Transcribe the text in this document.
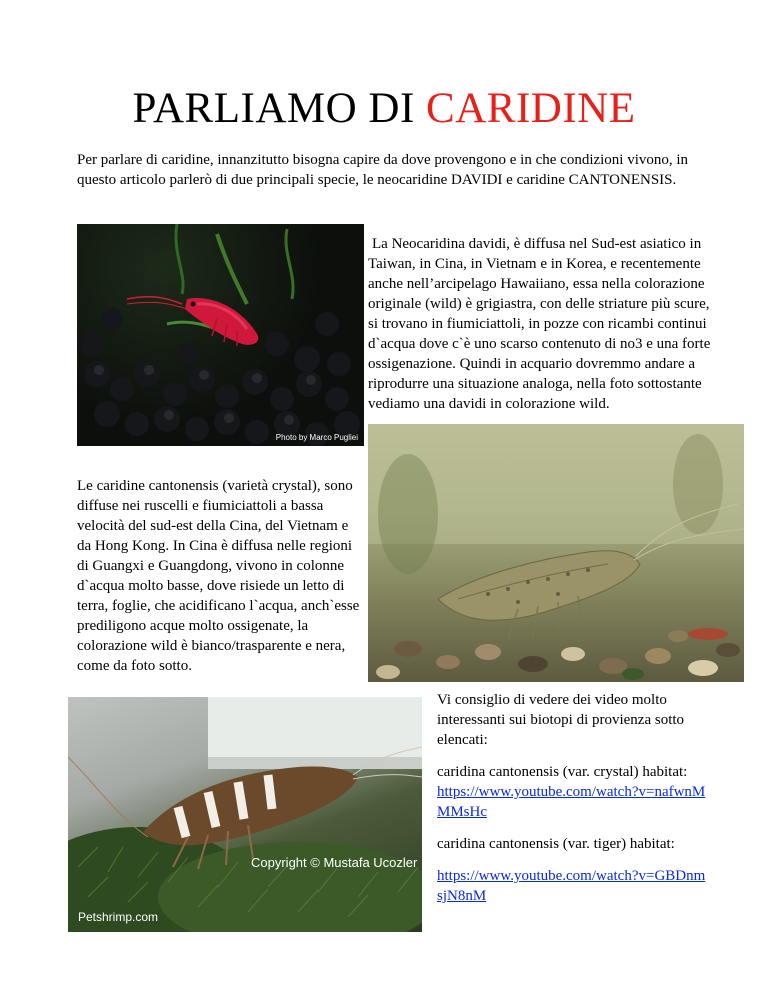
PARLIAMO DI CARIDINE

Per parlare di caridine, innanzitutto bisogna capire da dove provengono e in che condizioni vivono, in questo articolo parlerò di due principali specie, le neocaridine DAVIDI e caridine CANTONENSIS.

Photo by Marco Pugliei

La Neocaridina davidi, è diffusa nel Sud-est asiatico in Taiwan, in Cina, in Vietnam e in Korea, e recentemente anche nell’arcipelago Hawaiiano, essa nella colorazione originale (wild) è grigiastra, con delle striature più scure, si trovano in fiumiciattoli, in pozze con ricambi continui d`acqua dove c`è uno scarso contenuto di no3 e una forte ossigenazione. Quindi in acquario dovremmo andare a riprodurre una situazione analoga, nella foto sottostante vediamo una davidi in colorazione wild.

Le caridine cantonensis (varietà crystal), sono diffuse nei ruscelli e fiumiciattoli a bassa velocità del sud-est della Cina, del Vietnam e da Hong Kong. In Cina è diffusa nelle regioni di Guangxi e Guangdong, vivono in colonne d`acqua molto basse, dove risiede un letto di terra, foglie, che acidificano l`acqua, anch`esse prediligono acque molto ossigenate, la colorazione wild è bianco/trasparente e nera, come da foto sotto.

Copyright © Mustafa Ucozler
Petshrimp.com

Vi consiglio di vedere dei video molto interessanti sui biotopi di provienza sotto elencati:

caridina cantonensis (var. crystal) habitat:

https://www.youtube.com/watch?v=nafwnMMMsHc

caridina cantonensis (var. tiger) habitat:

https://www.youtube.com/watch?v=GBDnmsjN8nM
